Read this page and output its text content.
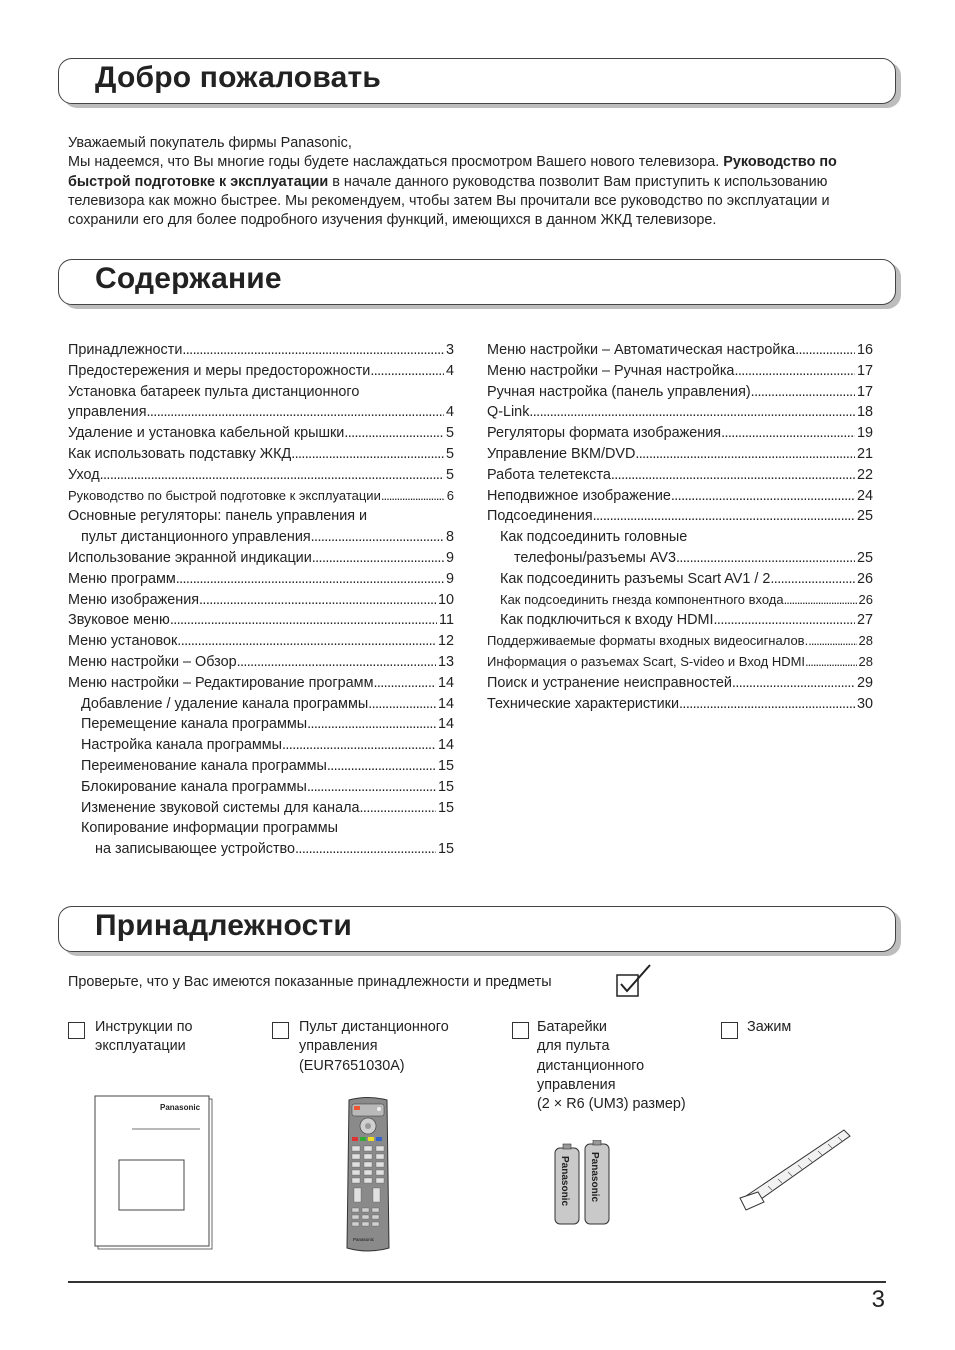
Добро пожаловать

Уважаемый покупатель фирмы Panasonic,

Мы надеемся, что Вы многие годы будете наслаждаться просмотром Вашего нового телевизора. Руководство по быстрой подготовке к эксплуатации в начале данного руководства позволит Вам приступить к использованию телевизора как можно быстрее. Мы рекомендуем, чтобы затем Вы прочитали все руководство по эксплуатации и сохранили его для более подробного изучения функций, имеющихся в данном ЖКД телевизоре.

Содержание
Принадлежности . . .	3
Предостережения и меры предосторожности . . .	4
Установка батареек пульта дистанционного
управления . . .	4
Удаление и установка кабельной крышки . . .	5
Как использовать подставку ЖКД . . .	5
Уход . . .	5
Руководство по быстрой подготовке к эксплуатации . . .	6
Основные регуляторы: панель управления и
пульт дистанционного управления . . .	8
Использование экранной индикации . . .	9
Меню программ . . .	9
Меню изображения . . .	10
Звуковое меню . . .	11
Меню установок . . .	12
Меню настройки – Обзор . . .	13
Меню настройки – Редактирование программ . . .	14
Добавление / удаление канала программы . . .	14
Перемещение канала программы . . .	14
Настройка канала программы . . .	14
Переименование канала программы . . .	15
Блокирование канала программы . . .	15
Изменение звуковой системы для канала . . .	15
Копирование информации программы
на записывающее устройство . . .	15
Меню настройки – Автоматическая настройка . . .	16
Меню настройки – Ручная настройка . . .	17
Ручная настройка (панель управления) . . .	17
Q-Link . . .	18
Регуляторы формата изображения . . .	19
Управление ВКМ/DVD . . .	21
Работа телетекста . . .	22
Неподвижное изображение . . .	24
Подсоединения . . .	25
Как подсоединить головные
телефоны/разъемы AV3 . . .	25
Как подсоединить разъемы Scart AV1 / 2 . . .	26
Как подсоединить гнезда компонентного входа . . .	26
Как подключиться к входу HDMI . . .	27
Поддерживаемые форматы входных видеосигналов. . . .	28
Информация о разъемах Scart, S-video и Вход HDMI . . .	28
Поиск и устранение неисправностей . . .	29
Технические характеристики . . .	30
Принадлежности
Проверьте, что у Вас имеются показанные принадлежности и предметы
Инструкции по
эксплуатации
Пульт дистанционного
управления
(EUR7651030A)
Батарейки
для пульта
дистанционного
управления
(2 × R6 (UM3) размер)
Зажим
Panasonic
Panasonic
Panasonic Panasonic
3
